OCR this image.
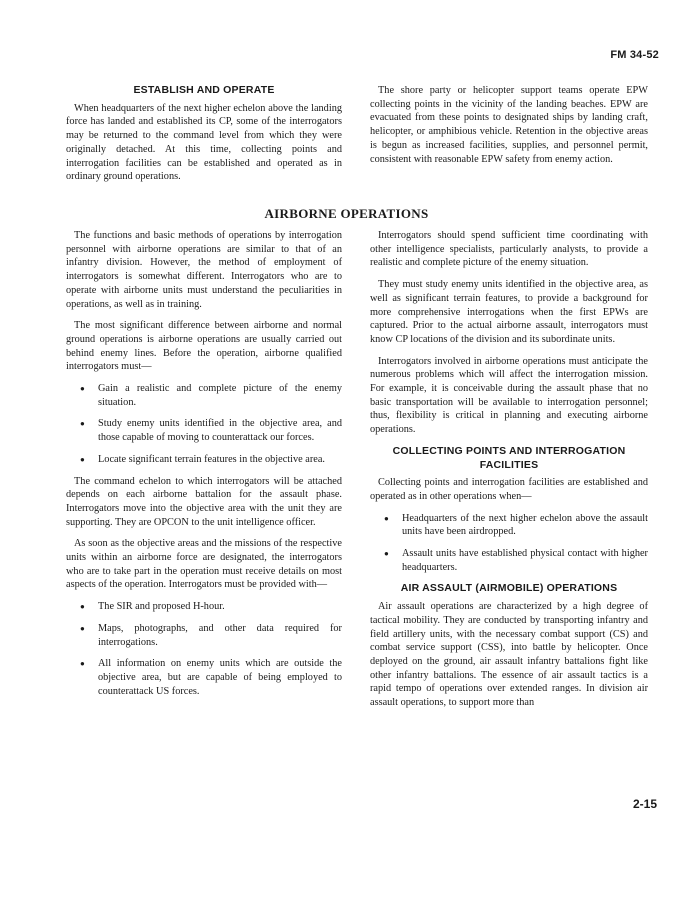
FM 34-52
ESTABLISH AND OPERATE

When headquarters of the next higher echelon above the landing force has landed and established its CP, some of the interrogators may be returned to the command level from which they were originally detached. At this time, collecting points and interrogation facilities can be established and operated as in ordinary ground operations.

The shore party or helicopter support teams operate EPW collecting points in the vicinity of the landing beaches. EPW are evacuated from these points to designated ships by landing craft, helicopter, or amphibious vehicle. Retention in the objective areas is begun as increased facilities, supplies, and personnel permit, consistent with reasonable EPW safety from enemy action.

AIRBORNE OPERATIONS

The functions and basic methods of operations by interrogation personnel with airborne operations are similar to that of an infantry division. However, the method of employment of interrogators is somewhat different. Interrogators who are to operate with airborne units must understand the peculiarities in operations, as well as in training.

The most significant difference between airborne and normal ground operations is airborne operations are usually carried out behind enemy lines. Before the operation, airborne qualified interrogators must—

● Gain a realistic and complete picture of the enemy situation.
● Study enemy units identified in the objective area, and those capable of moving to counterattack our forces.
● Locate significant terrain features in the objective area.

The command echelon to which interrogators will be attached depends on each airborne battalion for the assault phase. Interrogators move into the objective area with the unit they are supporting. They are OPCON to the unit intelligence officer.

As soon as the objective areas and the missions of the respective units within an airborne force are designated, the interrogators who are to take part in the operation must receive details on most aspects of the operation. Interrogators must be provided with—

● The SIR and proposed H-hour.
● Maps, photographs, and other data required for interrogations.
● All information on enemy units which are outside the objective area, but are capable of being employed to counterattack US forces.

Interrogators should spend sufficient time coordinating with other intelligence specialists, particularly analysts, to provide a realistic and complete picture of the enemy situation.

They must study enemy units identified in the objective area, as well as significant terrain features, to provide a background for more comprehensive interrogations when the first EPWs are captured. Prior to the actual airborne assault, interrogators must know CP locations of the division and its subordinate units.

Interrogators involved in airborne operations must anticipate the numerous problems which will affect the interrogation mission. For example, it is conceivable during the assault phase that no basic transportation will be available to interrogation personnel; thus, flexibility is critical in planning and executing airborne operations.

COLLECTING POINTS AND INTERROGATION FACILITIES

Collecting points and interrogation facilities are established and operated as in other operations when—

● Headquarters of the next higher echelon above the assault units have been airdropped.
● Assault units have established physical contact with higher headquarters.
AIR ASSAULT (AIRMOBILE) OPERATIONS

Air assault operations are characterized by a high degree of tactical mobility. They are conducted by transporting infantry and field artillery units, with the necessary combat support (CS) and combat service support (CSS), into battle by helicopter. Once deployed on the ground, air assault infantry battalions fight like other infantry battalions. The essence of air assault tactics is a rapid tempo of operations over extended ranges. In division air assault operations, to support more than

2-15
